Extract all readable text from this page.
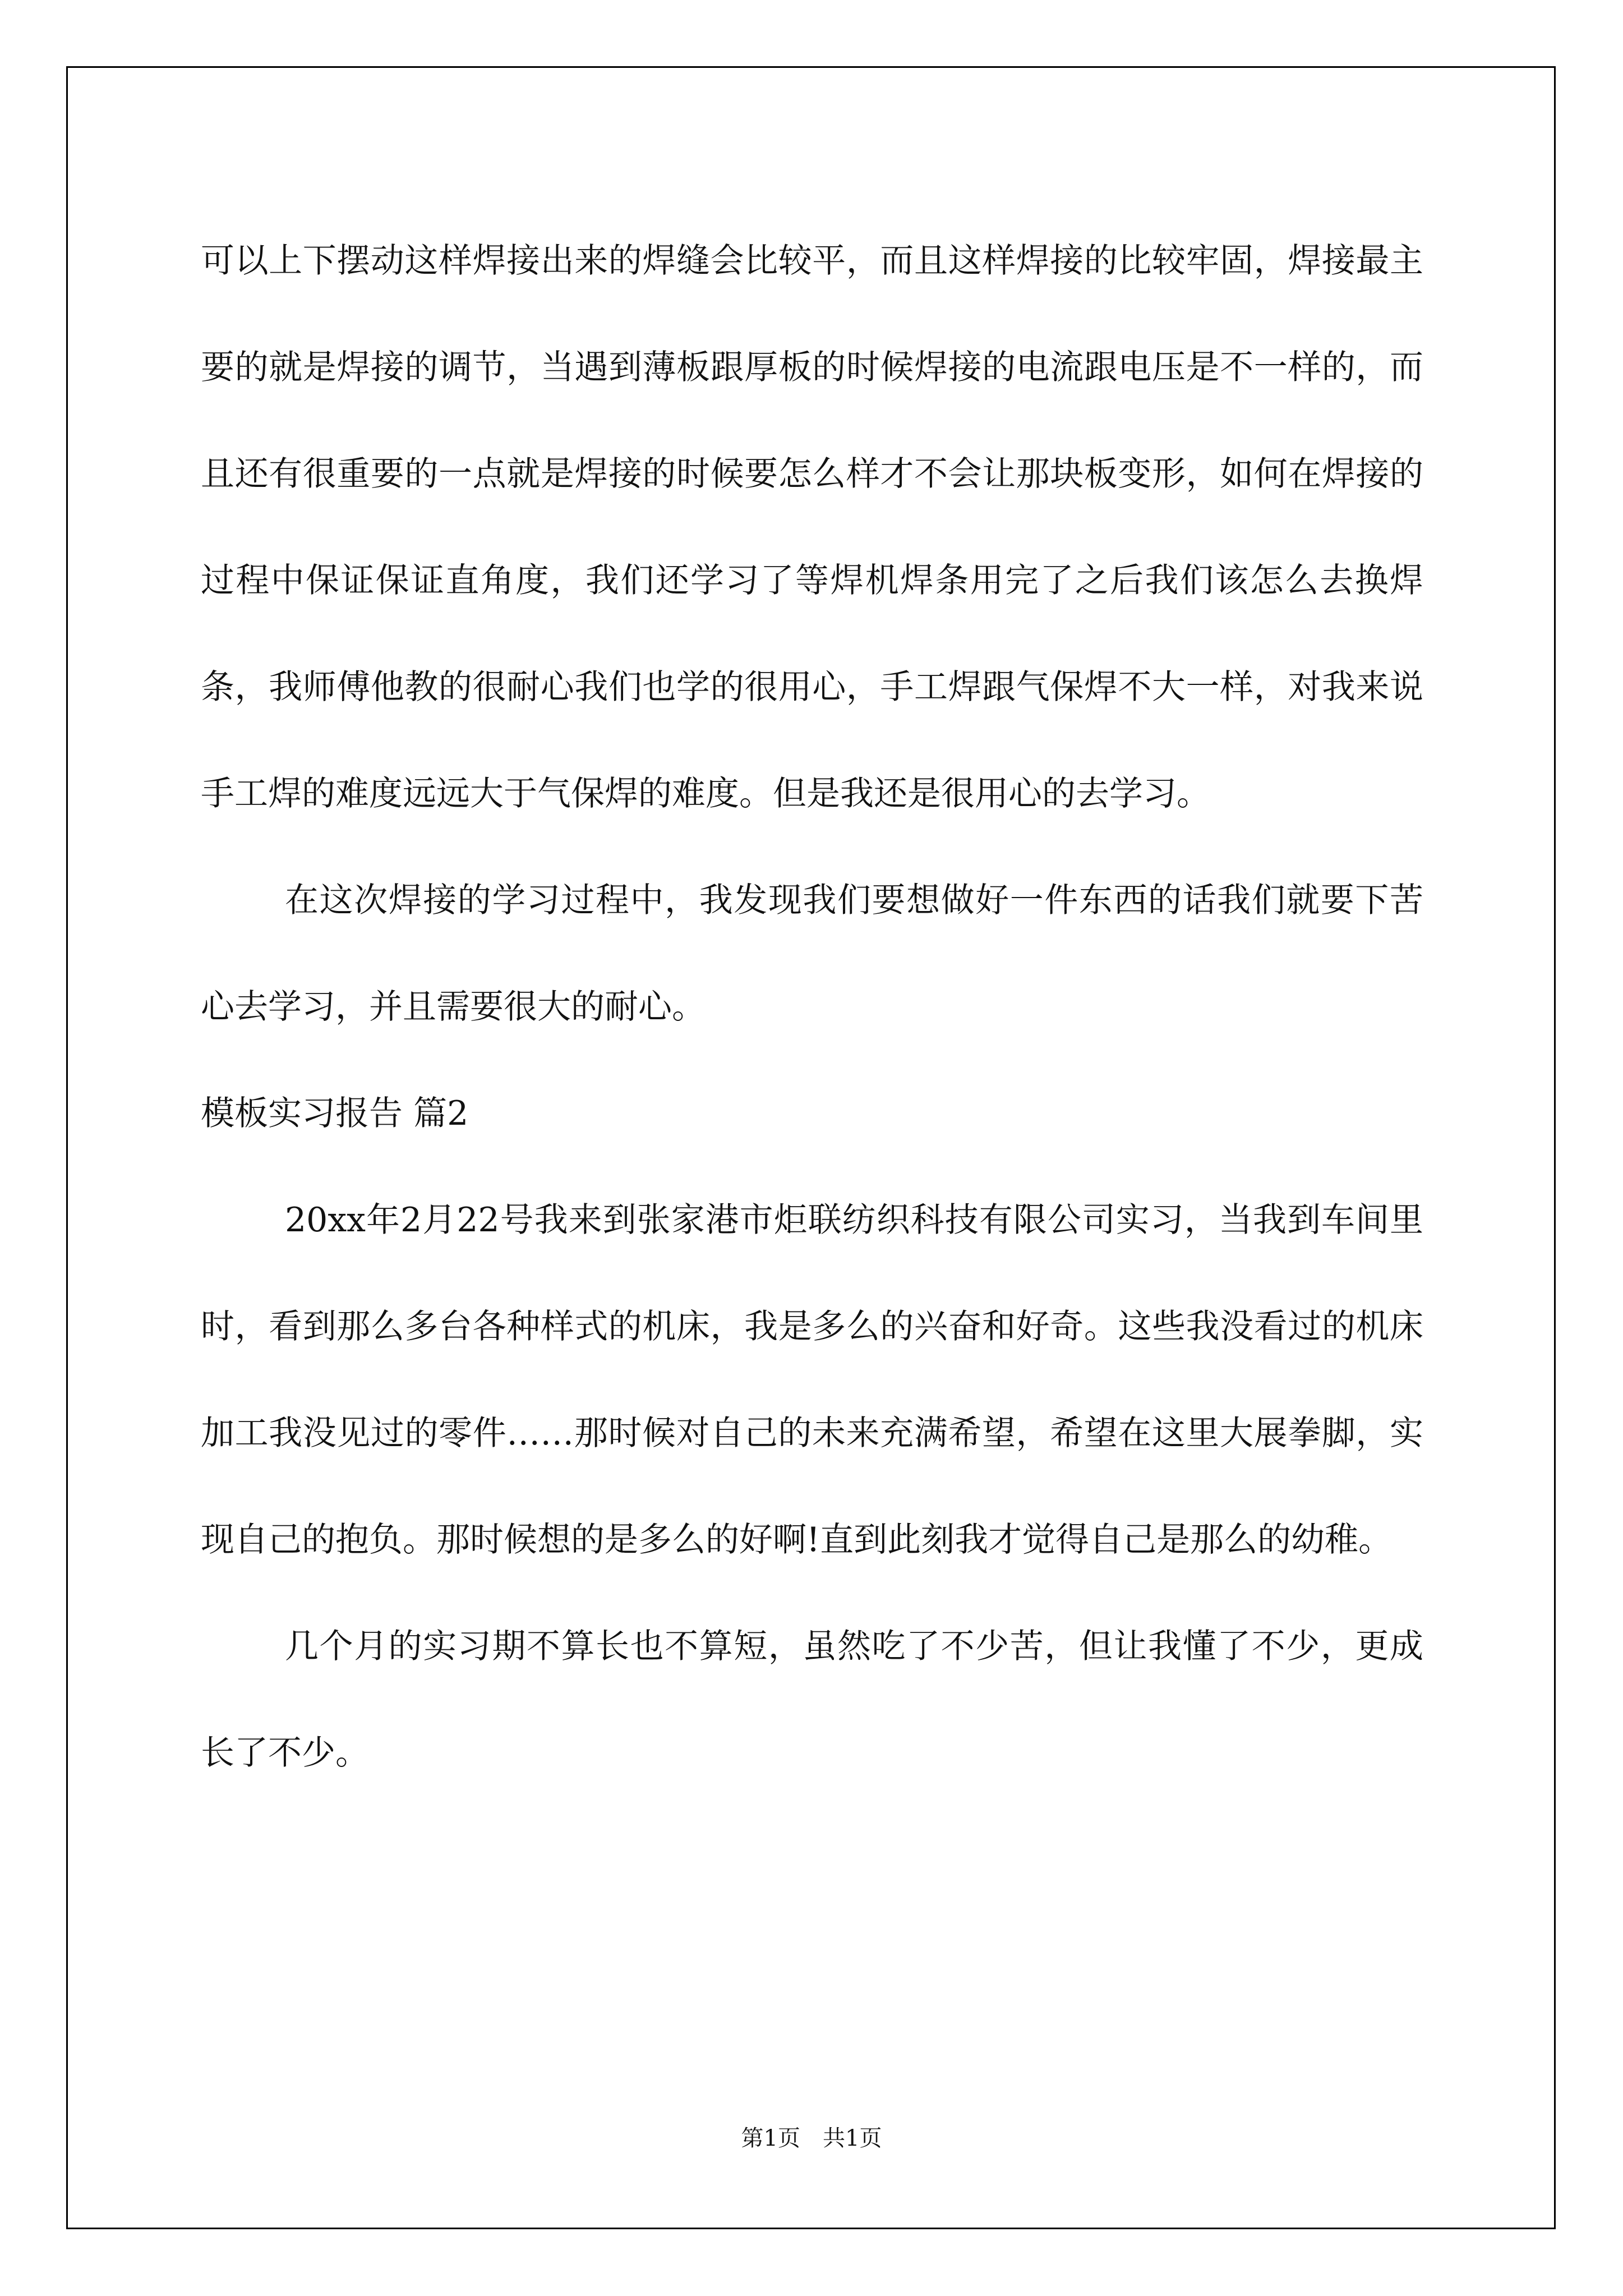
可以上下摆动这样焊接出来的焊缝会比较平，而且这样焊接的比较牢固，焊接最主要的就是焊接的调节，当遇到薄板跟厚板的时候焊接的电流跟电压是不一样的，而且还有很重要的一点就是焊接的时候要怎么样才不会让那块板变形，如何在焊接的过程中保证保证直角度，我们还学习了等焊机焊条用完了之后我们该怎么去换焊条，我师傅他教的很耐心我们也学的很用心，手工焊跟气保焊不大一样，对我来说手工焊的难度远远大于气保焊的难度。但是我还是很用心的去学习。

在这次焊接的学习过程中，我发现我们要想做好一件东西的话我们就要下苦心去学习，并且需要很大的耐心。

模板实习报告 篇2

20xx年2月22号我来到张家港市炬联纺织科技有限公司实习，当我到车间里时，看到那么多台各种样式的机床，我是多么的兴奋和好奇。这些我没看过的机床加工我没见过的零件……那时候对自己的未来充满希望，希望在这里大展拳脚，实现自己的抱负。那时候想的是多么的好啊!直到此刻我才觉得自己是那么的幼稚。

几个月的实习期不算长也不算短，虽然吃了不少苦，但让我懂了不少，更成长了不少。

第1页　共1页
